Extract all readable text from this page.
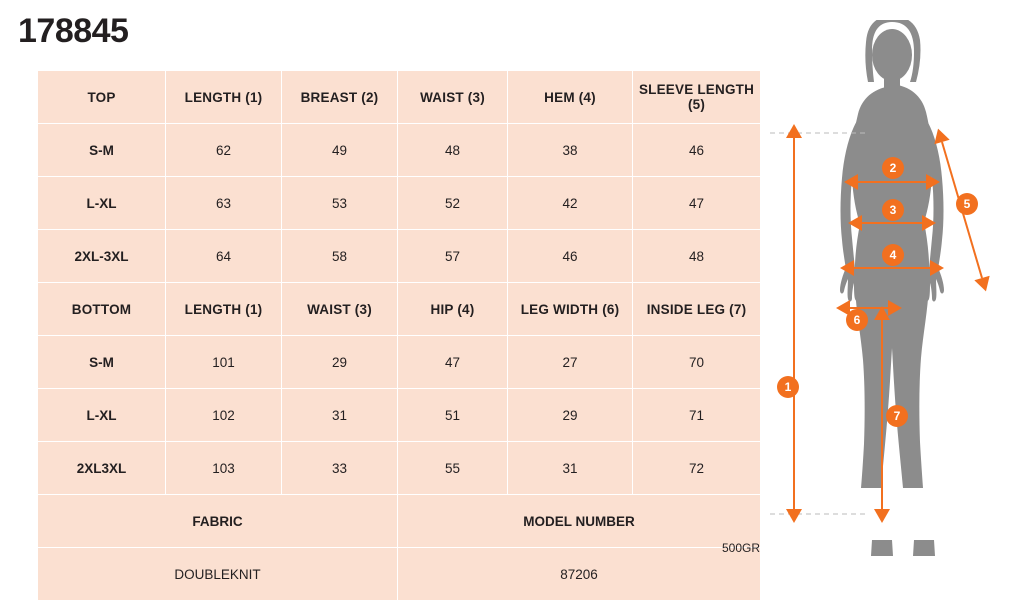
178845
TOP	LENGTH (1)	BREAST (2)	WAIST (3)	HEM (4)	SLEEVE LENGTH (5)
S-M	62	49	48	38	46
L-XL	63	53	52	42	47
2XL-3XL	64	58	57	46	48
BOTTOM	LENGTH (1)	WAIST (3)	HIP (4)	LEG WIDTH (6)	INSIDE LEG (7)
S-M	101	29	47	27	70
L-XL	102	31	51	29	71
2XL3XL	103	33	55	31	72
FABRIC			MODEL NUMBER		
DOUBLEKNIT			87206		
500GR
1
2
3
4
5
6
7
